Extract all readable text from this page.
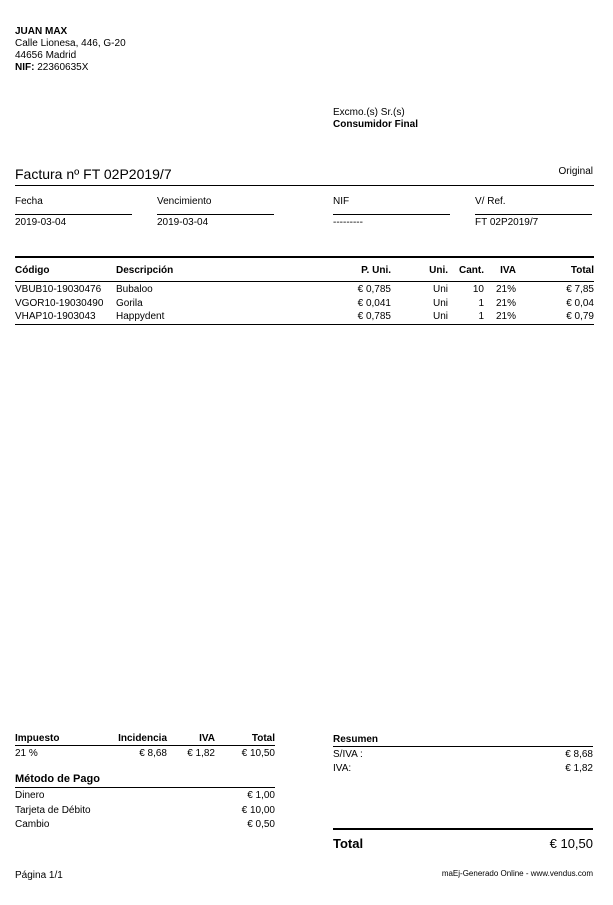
JUAN MAX
Calle Lionesa, 446, G-20
44656 Madrid
NIF: 22360635X
Excmo.(s) Sr.(s)
Consumidor Final
Factura nº FT 02P2019/7	Original
Fecha
2019-03-04
Vencimiento
2019-03-04
NIF
---------
V/ Ref.
FT 02P2019/7
Código	Descripción	P. Uni.	Uni.	Cant.	IVA	Total
VBUB10-19030476	Bubaloo	€ 0,785	Uni	10	21%	€ 7,85
VGOR10-19030490	Gorila	€ 0,041	Uni	1	21%	€ 0,04
VHAP10-1903043	Happydent	€ 0,785	Uni	1	21%	€ 0,79
Impuesto	Incidencia	IVA	Total
21 %	€ 8,68	€ 1,82	€ 10,50
Método de Pago
Dinero	€ 1,00
Tarjeta de Débito	€ 10,00
Cambio	€ 0,50
Resumen
S/IVA :	€ 8,68
IVA:	€ 1,82
Total	€ 10,50
Página 1/1	maEj-Generado Online - www.vendus.com
